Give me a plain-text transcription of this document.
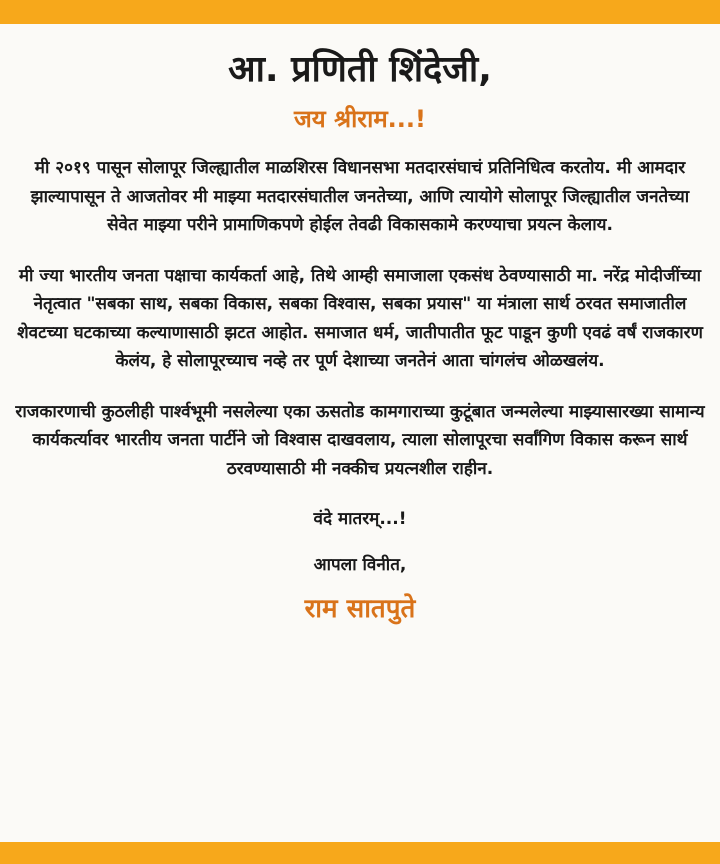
आ. प्रणिती शिंदेजी,

जय श्रीराम...!

मी २०१९ पासून सोलापूर जिल्ह्यातील माळशिरस विधानसभा मतदारसंघाचं प्रतिनिधित्व करतोय. मी आमदार झाल्यापासून ते आजतोवर मी माझ्या मतदारसंघातील जनतेच्या, आणि त्यायोगे सोलापूर जिल्ह्यातील जनतेच्या सेवेत माझ्या परीने प्रामाणिकपणे होईल तेवढी विकासकामे करण्याचा प्रयत्न केलाय.

मी ज्या भारतीय जनता पक्षाचा कार्यकर्ता आहे, तिथे आम्ही समाजाला एकसंध ठेवण्यासाठी मा. नरेंद्र मोदीजींच्या नेतृत्वात "सबका साथ, सबका विकास, सबका विश्वास, सबका प्रयास" या मंत्राला सार्थ ठरवत समाजातील शेवटच्या घटकाच्या कल्याणासाठी झटत आहोत. समाजात धर्म, जातीपातीत फूट पाडून कुणी एवढं वर्षं राजकारण केलंय, हे सोलापूरच्याच नव्हे तर पूर्ण देशाच्या जनतेनं आता चांगलंच ओळखलंय.

राजकारणाची कुठलीही पार्श्वभूमी नसलेल्या एका ऊसतोड कामगाराच्या कुटूंबात जन्मलेल्या माझ्यासारख्या सामान्य कार्यकर्त्यावर भारतीय जनता पार्टीने जो विश्वास दाखवलाय, त्याला सोलापूरचा सर्वांगिण विकास करून सार्थ ठरवण्यासाठी मी नक्कीच प्रयत्नशील राहीन.

वंदे मातरम्...!

आपला विनीत,

राम सातपुते
